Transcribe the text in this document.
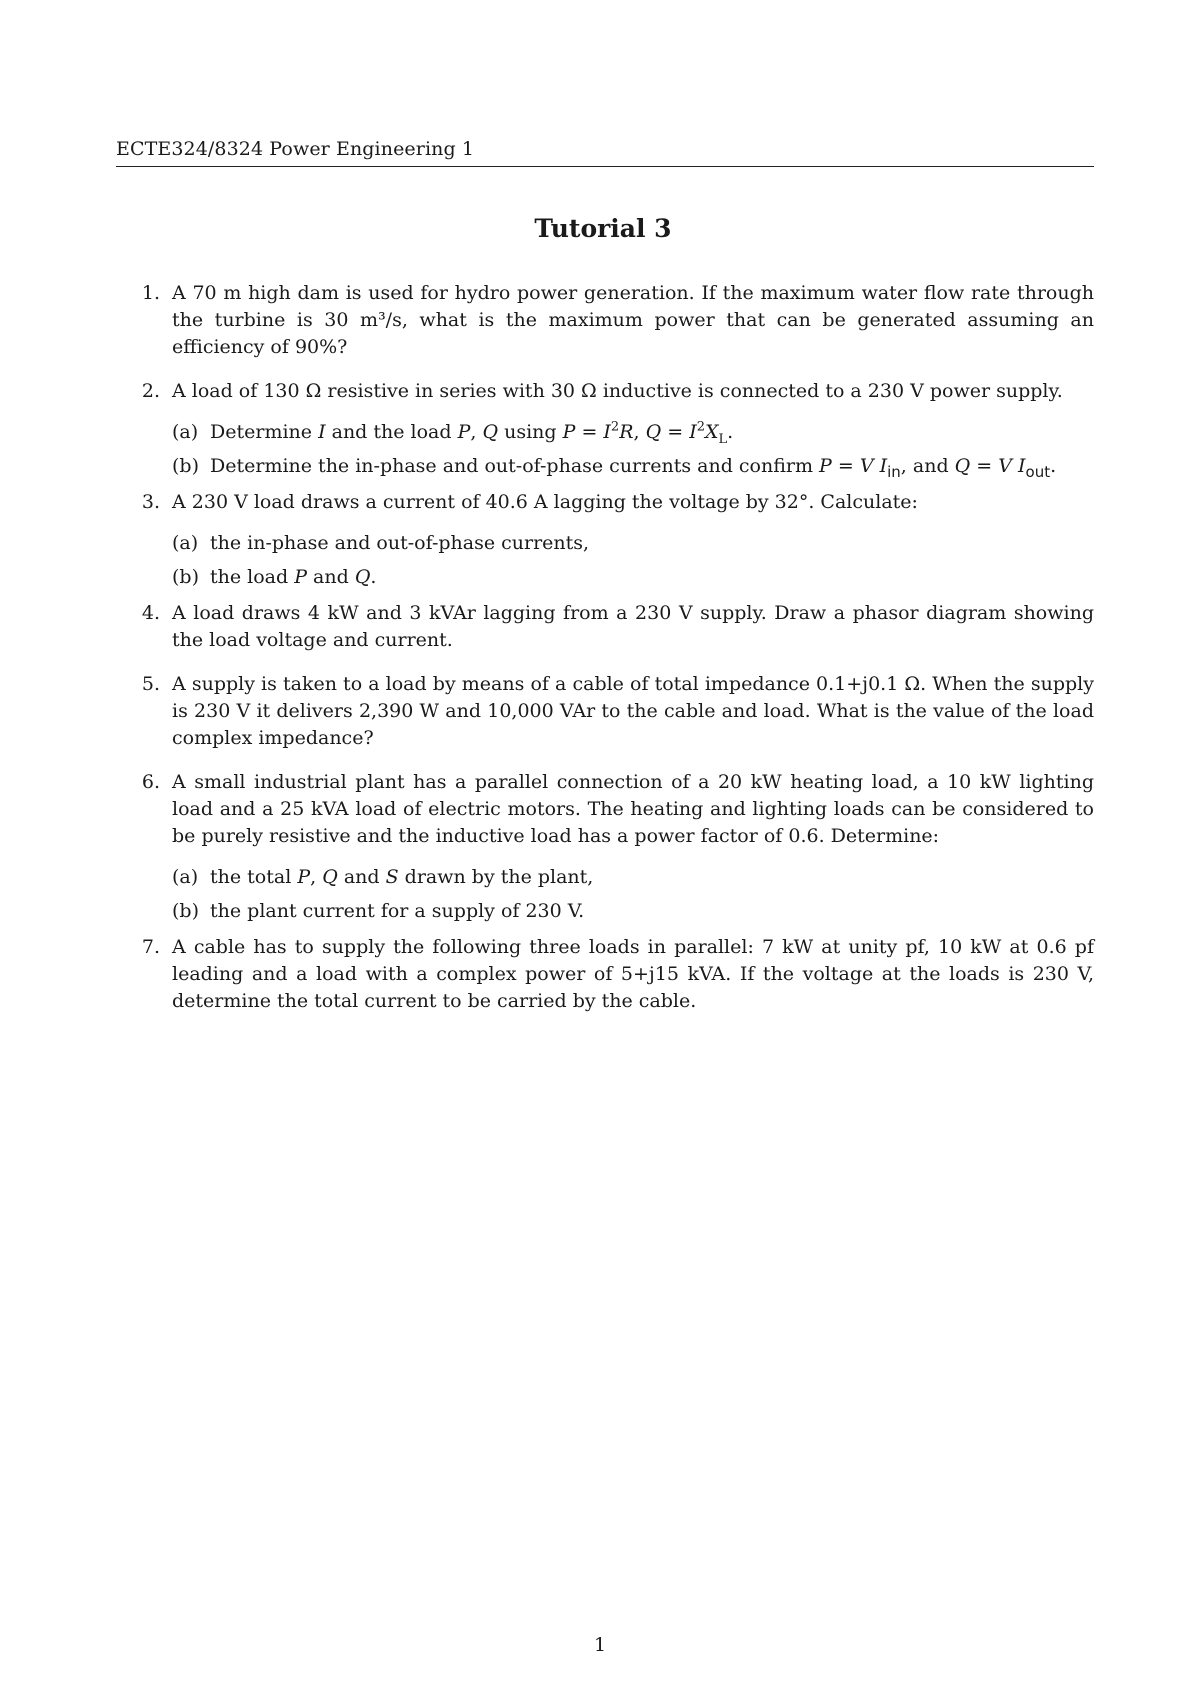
ECTE324/8324 Power Engineering 1
Tutorial 3
1. A 70 m high dam is used for hydro power generation. If the maximum water flow rate through the turbine is 30 m³/s, what is the maximum power that can be generated assuming an efficiency of 90%?
2. A load of 130 Ω resistive in series with 30 Ω inductive is connected to a 230 V power supply.
(a) Determine I and the load P, Q using $P = I^2R$, $Q = I^2X_L$.
(b) Determine the in-phase and out-of-phase currents and confirm P = V $I_{in}$, and Q = V $I_{out}$.
3. A 230 V load draws a current of 40.6 A lagging the voltage by 32°. Calculate:
(a) the in-phase and out-of-phase currents,
(b) the load P and Q.
4. A load draws 4 kW and 3 kVAr lagging from a 230 V supply. Draw a phasor diagram showing the load voltage and current.
5. A supply is taken to a load by means of a cable of total impedance 0.1+j0.1 Ω. When the supply is 230 V it delivers 2,390 W and 10,000 VAr to the cable and load. What is the value of the load complex impedance?
6. A small industrial plant has a parallel connection of a 20 kW heating load, a 10 kW lighting load and a 25 kVA load of electric motors. The heating and lighting loads can be considered to be purely resistive and the inductive load has a power factor of 0.6. Determine:
(a) the total P, Q and S drawn by the plant,
(b) the plant current for a supply of 230 V.
7. A cable has to supply the following three loads in parallel: 7 kW at unity pf, 10 kW at 0.6 pf leading and a load with a complex power of 5+j15 kVA. If the voltage at the loads is 230 V, determine the total current to be carried by the cable.
1
